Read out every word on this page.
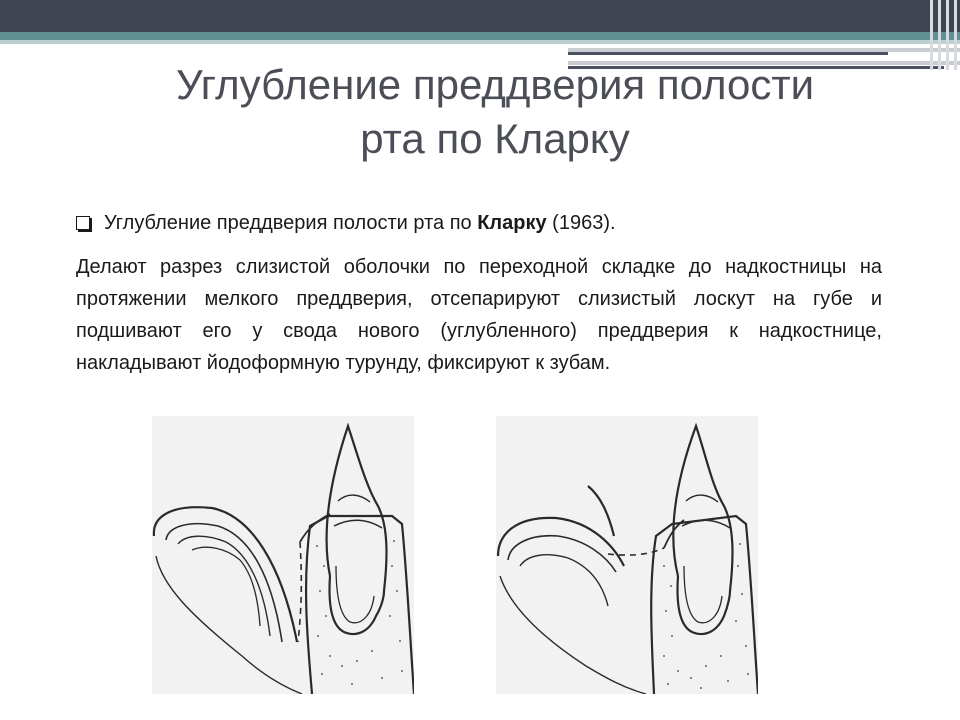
Углубление преддверия полости
рта по Кларку
Углубление преддверия полости рта по Кларку (1963).
Делают разрез слизистой оболочки по переходной складке до надкостницы на протяжении мелкого преддверия, отсепарируют слизистый лоскут на губе и подшивают его у свода нового (углубленного) преддверия к надкостнице, накладывают йодоформную турунду, фиксируют к зубам.
